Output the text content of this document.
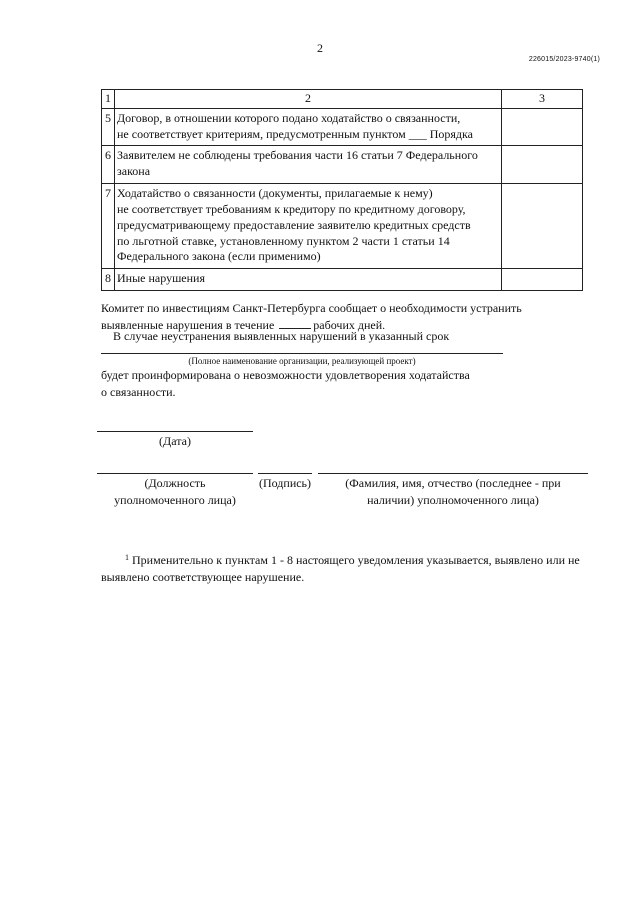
2
226015/2023-9740(1)
1	2	3
5	Договор, в отношении которого подано ходатайство о связанности,
не соответствует критериям, предусмотренным пунктом ___ Порядка	

6	Заявителем не соблюдены требования части 16 статьи 7 Федерального
закона	

7	Ходатайство о связанности (документы, прилагаемые к нему)
не соответствует требованиям к кредитору по кредитному договору,
предусматривающему предоставление заявителю кредитных средств
по льготной ставке, установленному пунктом 2 части 1 статьи 14
Федерального закона (если применимо)	

8	Иные нарушения	

Комитет по инвестициям Санкт-Петербурга сообщает о необходимости устранить
выявленные нарушения в течение	рабочих дней.
В случае неустранения выявленных нарушений в указанный срок
(Полное наименование организации, реализующей проект)
будет проинформирована о невозможности удовлетворения ходатайства
о связанности.
(Дата)
(Должность
уполномоченного лица)
(Подпись)	(Фамилия, имя, отчество (последнее - при
наличии) уполномоченного лица)
$^1$ Применительно к пунктам 1 - 8 настоящего уведомления указывается, выявлено или не выявлено соответствующее нарушение.
